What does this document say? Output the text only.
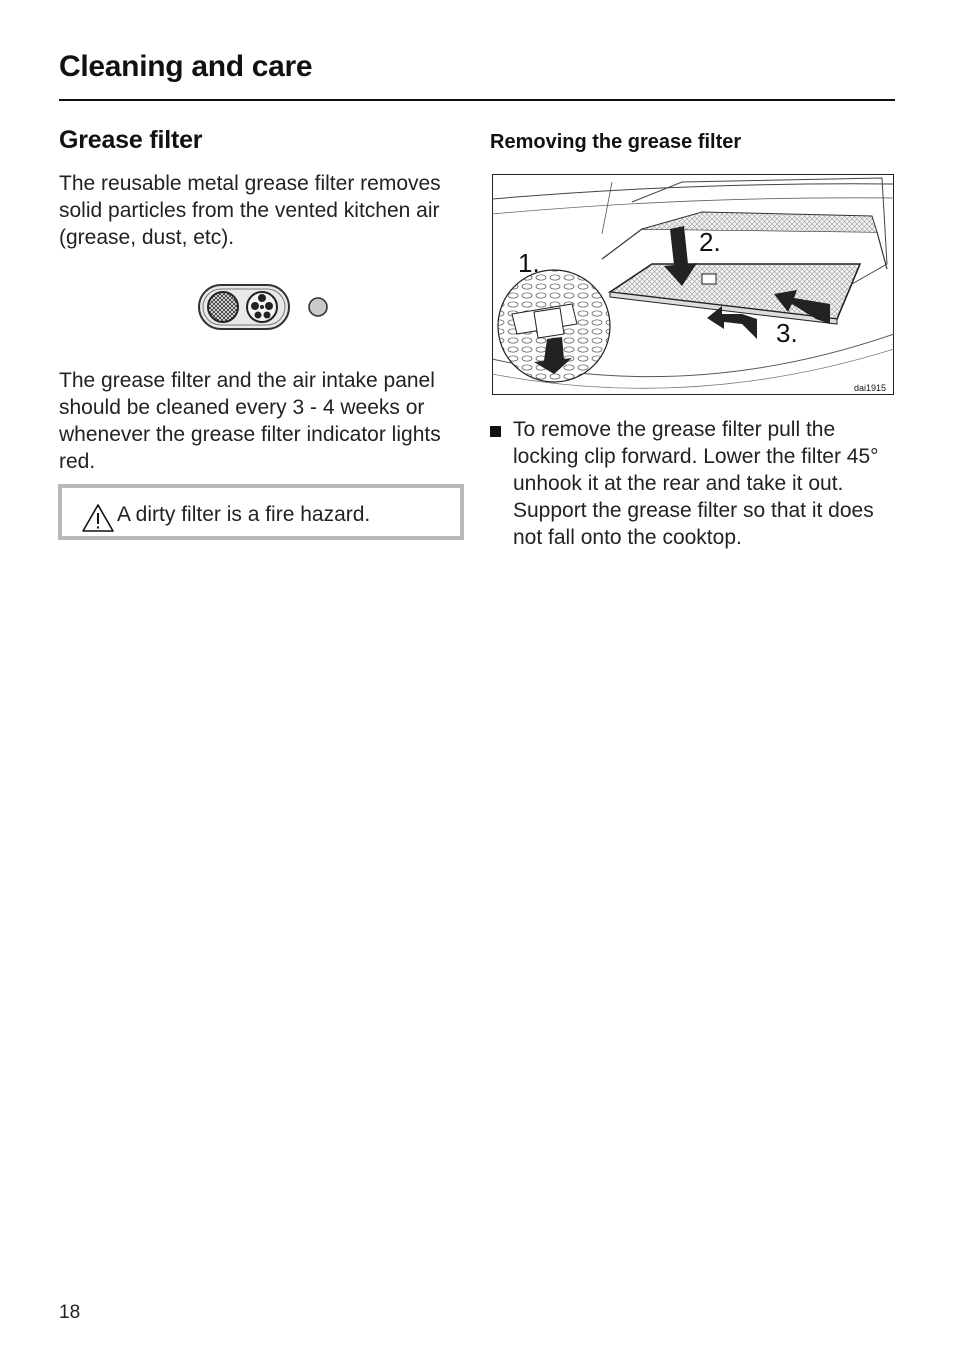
Cleaning and care
Grease filter

The reusable metal grease filter removes solid particles from the vented kitchen air (grease, dust, etc).

The grease filter and the air intake panel should be cleaned every 3 - 4 weeks or whenever the grease filter indicator lights red.

A dirty filter is a fire hazard.
Removing the grease filter
1.
2.
3.
dai1915

To remove the grease filter pull the locking clip forward. Lower the filter 45° unhook it at the rear and take it out. Support the grease filter so that it does not fall onto the cooktop.

18
